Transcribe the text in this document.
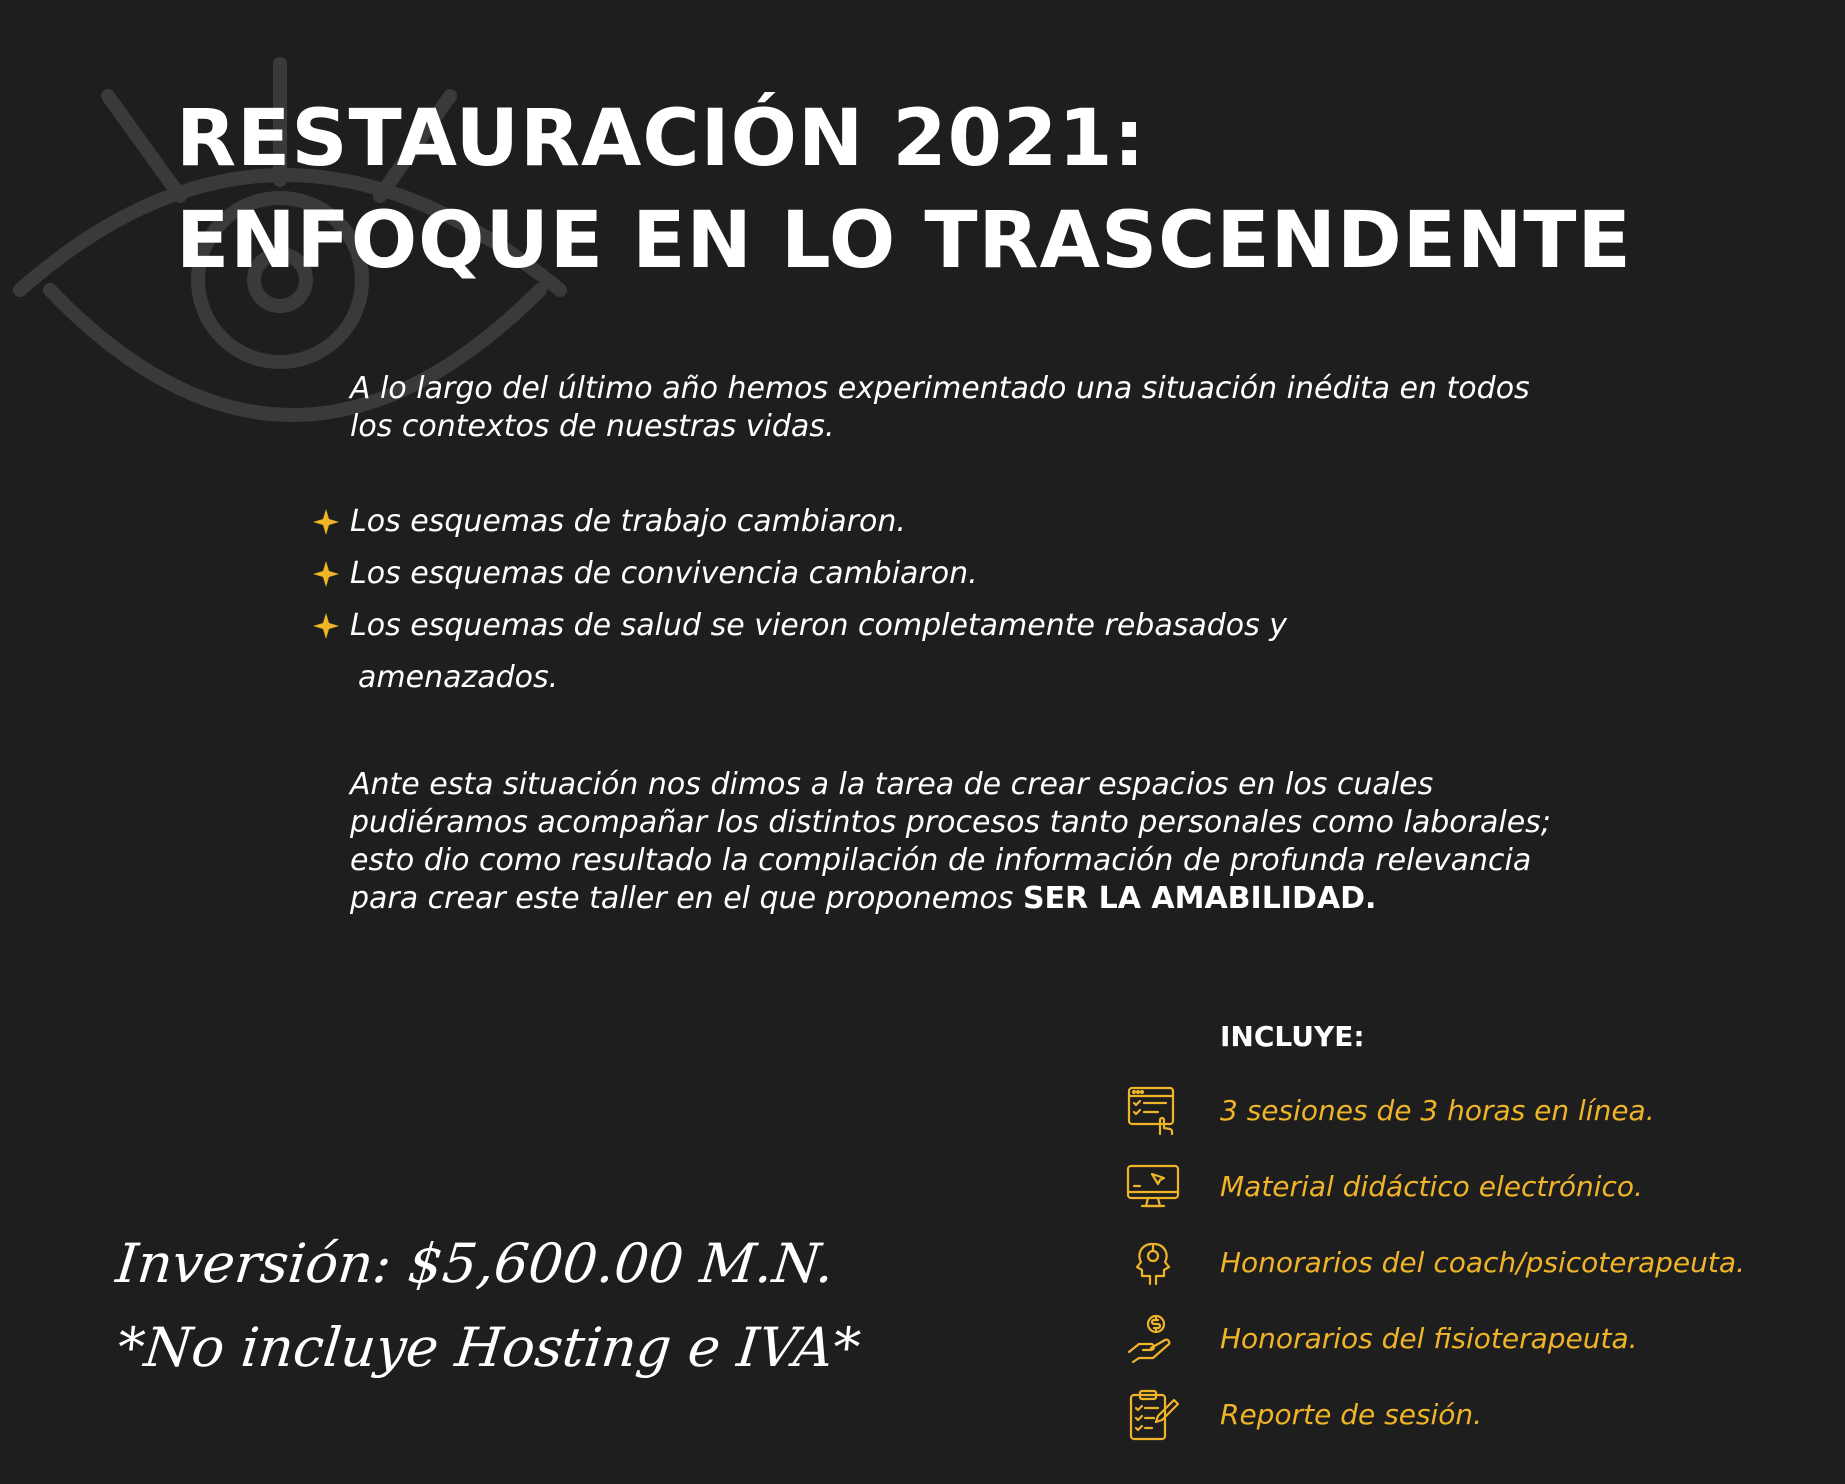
RESTAURACIÓN 2021:
ENFOQUE EN LO TRASCENDENTE

A lo largo del último año hemos experimentado una situación inédita en todos los contextos de nuestras vidas.

Los esquemas de trabajo cambiaron.
Los esquemas de convivencia cambiaron.
Los esquemas de salud se vieron completamente rebasados y
amenazados.

Ante esta situación nos dimos a la tarea de crear espacios en los cuales pudiéramos acompañar los distintos procesos tanto personales como laborales; esto dio como resultado la compilación de información de profunda relevancia para crear este taller en el que proponemos SER LA AMABILIDAD.

INCLUYE:
3 sesiones de 3 horas en línea.
Material didáctico electrónico.
Honorarios del coach/psicoterapeuta.
Honorarios del fisioterapeuta.
Reporte de sesión.
Inversión: $5,600.00 M.N.
*No incluye Hosting e IVA*
